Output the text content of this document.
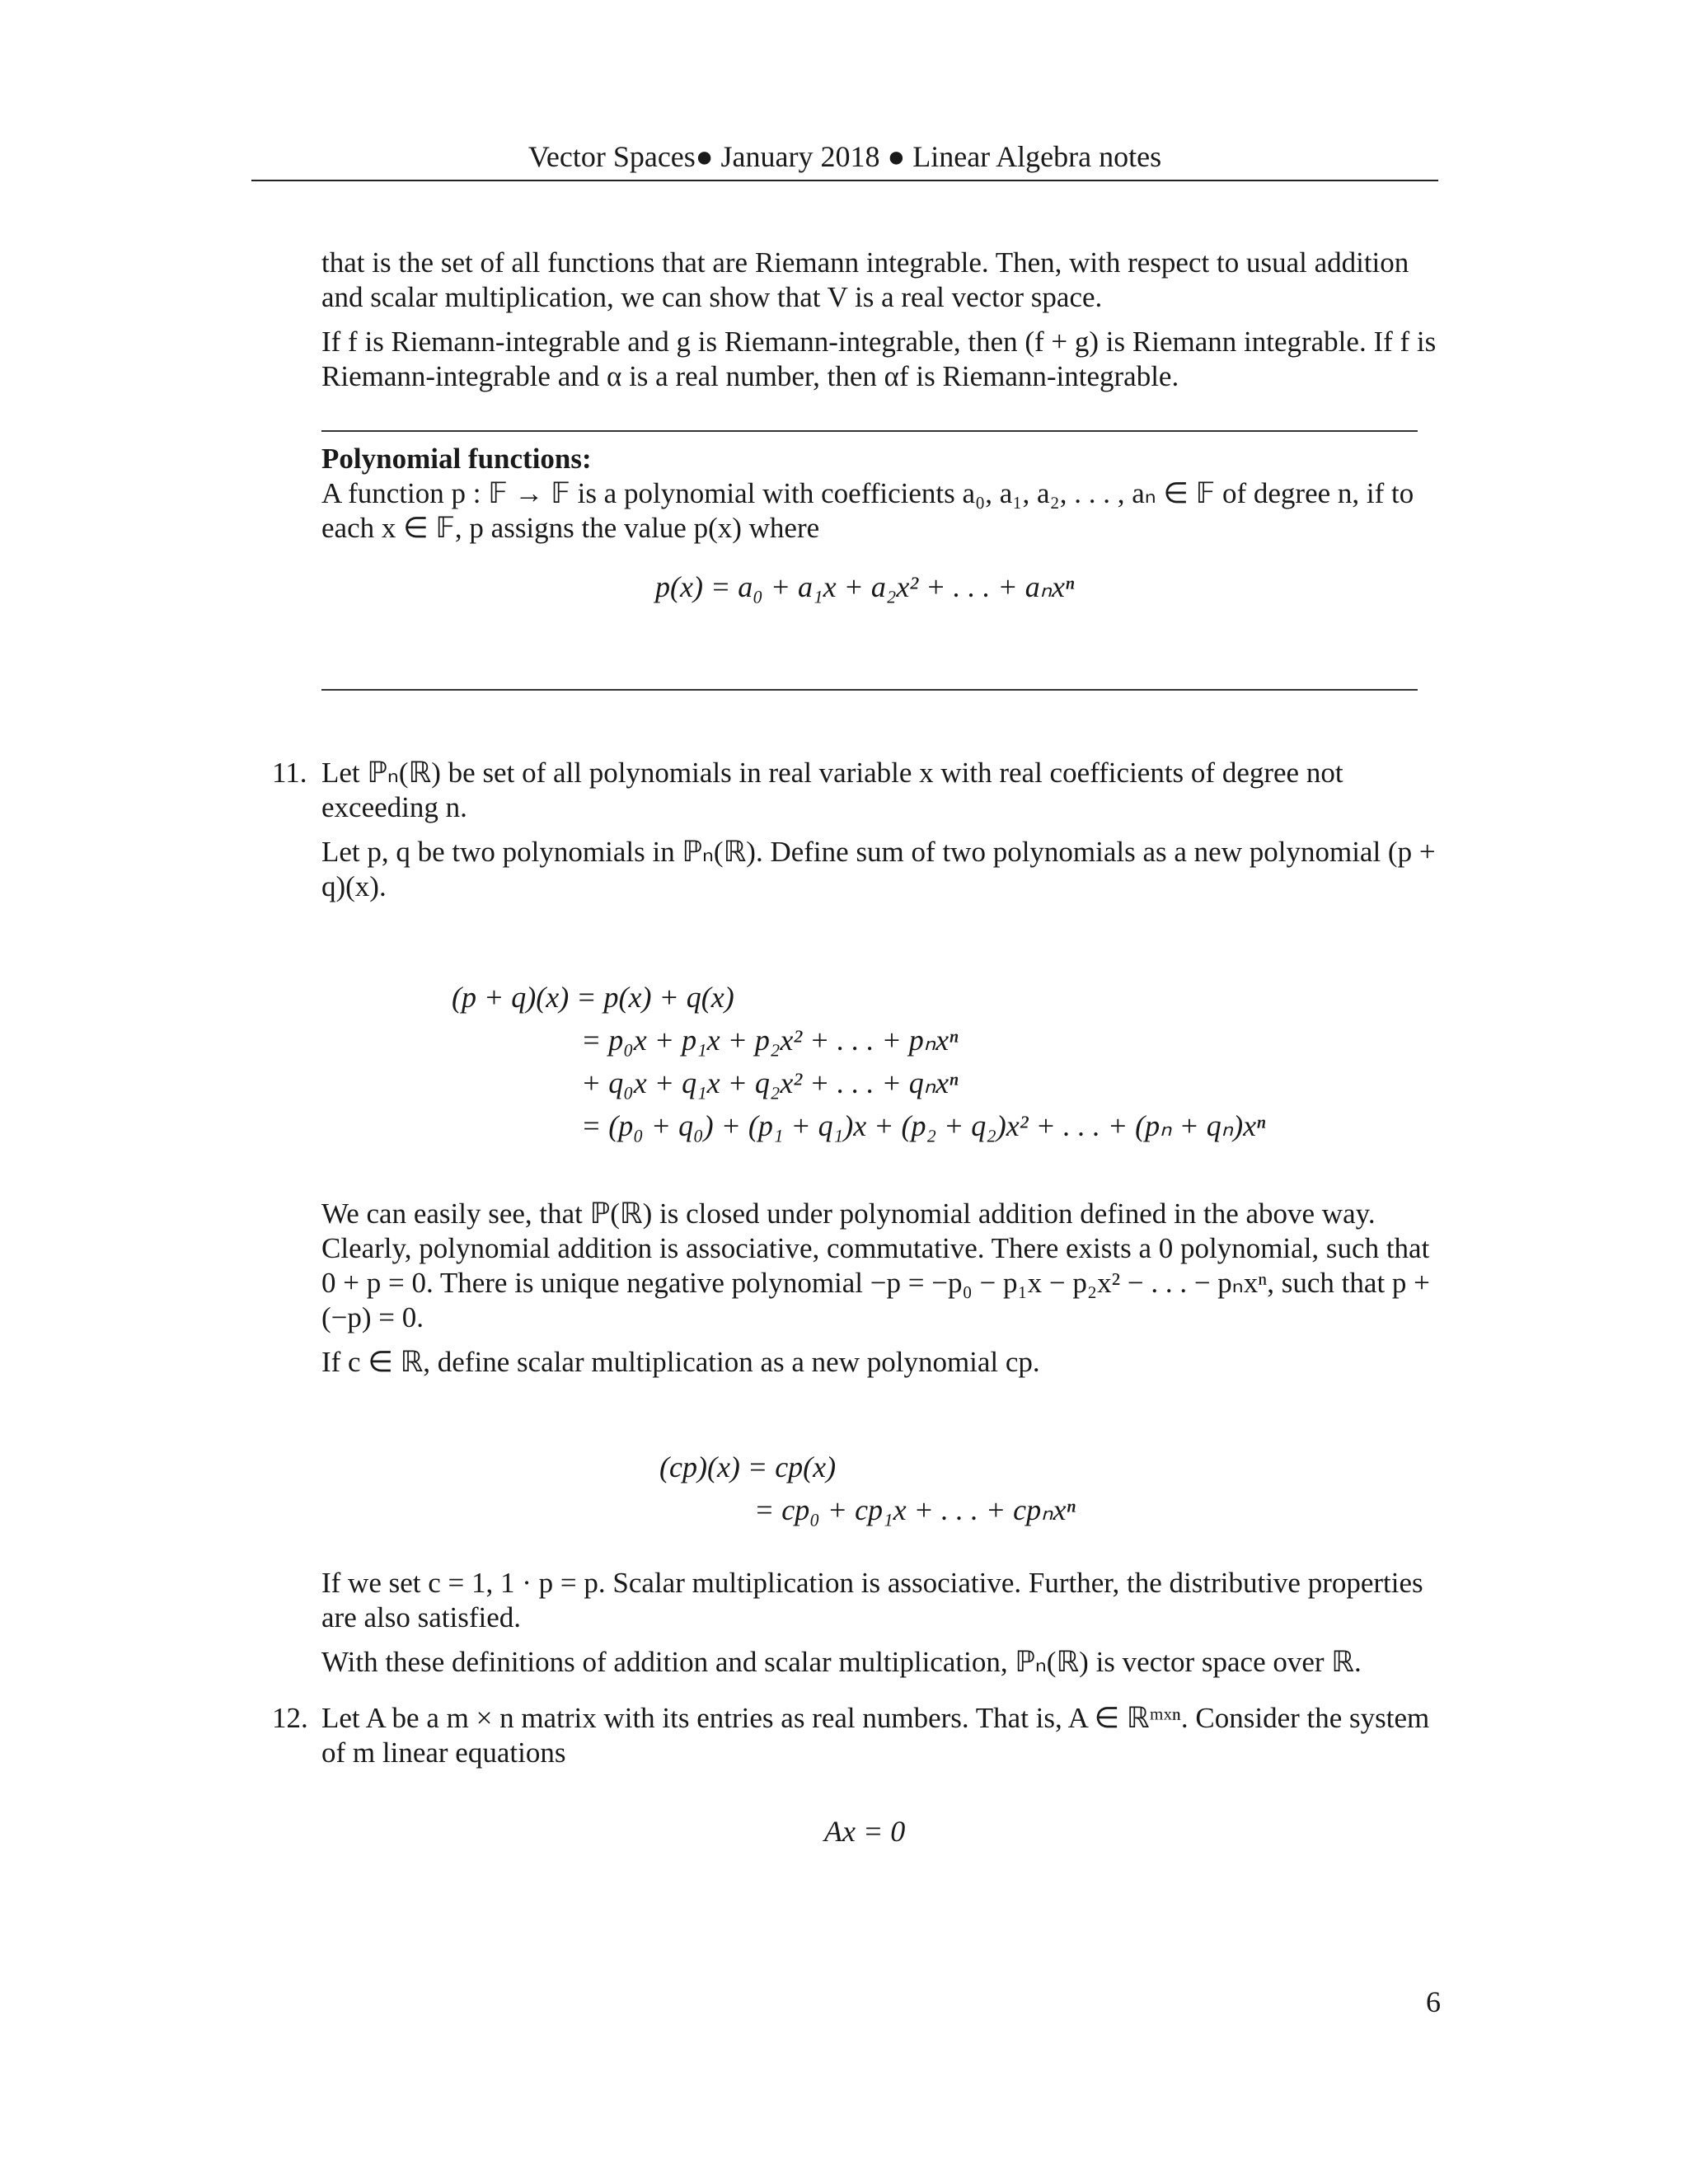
Vector Spaces● January 2018 ● Linear Algebra notes

that is the set of all functions that are Riemann integrable. Then, with respect to usual addition and scalar multiplication, we can show that V is a real vector space.

If f is Riemann-integrable and g is Riemann-integrable, then (f + g) is Riemann integrable. If f is Riemann-integrable and α is a real number, then αf is Riemann-integrable.

Polynomial functions:

A function p : 𝔽 → 𝔽 is a polynomial with coefficients a₀, a₁, a₂, . . . , aₙ ∈ 𝔽 of degree n, if to each x ∈ 𝔽, p assigns the value p(x) where

p(x) = a₀ + a₁x + a₂x² + . . . + aₙxⁿ
11. Let ℙₙ(ℝ) be set of all polynomials in real variable x with real coefficients of degree not exceeding n.

Let p, q be two polynomials in ℙₙ(ℝ). Define sum of two polynomials as a new polynomial (p + q)(x).

(p + q)(x) = p(x) + q(x)
= p₀x + p₁x + p₂x² + . . . + pₙxⁿ
+ q₀x + q₁x + q₂x² + . . . + qₙxⁿ
= (p₀ + q₀) + (p₁ + q₁)x + (p₂ + q₂)x² + . . . + (pₙ + qₙ)xⁿ

We can easily see, that ℙ(ℝ) is closed under polynomial addition defined in the above way. Clearly, polynomial addition is associative, commutative. There exists a 0 polynomial, such that 0 + p = 0. There is unique negative polynomial −p = −p₀ − p₁x − p₂x² − . . . − pₙxⁿ, such that p + (−p) = 0.

If c ∈ ℝ, define scalar multiplication as a new polynomial cp.

(cp)(x) = cp(x)
= cp₀ + cp₁x + . . . + cpₙxⁿ

If we set c = 1, 1 · p = p. Scalar multiplication is associative. Further, the distributive properties are also satisfied.

With these definitions of addition and scalar multiplication, ℙₙ(ℝ) is vector space over ℝ.

12. Let A be a m × n matrix with its entries as real numbers. That is, A ∈ ℝᵐˣⁿ. Consider the system of m linear equations

Ax = 0
6
